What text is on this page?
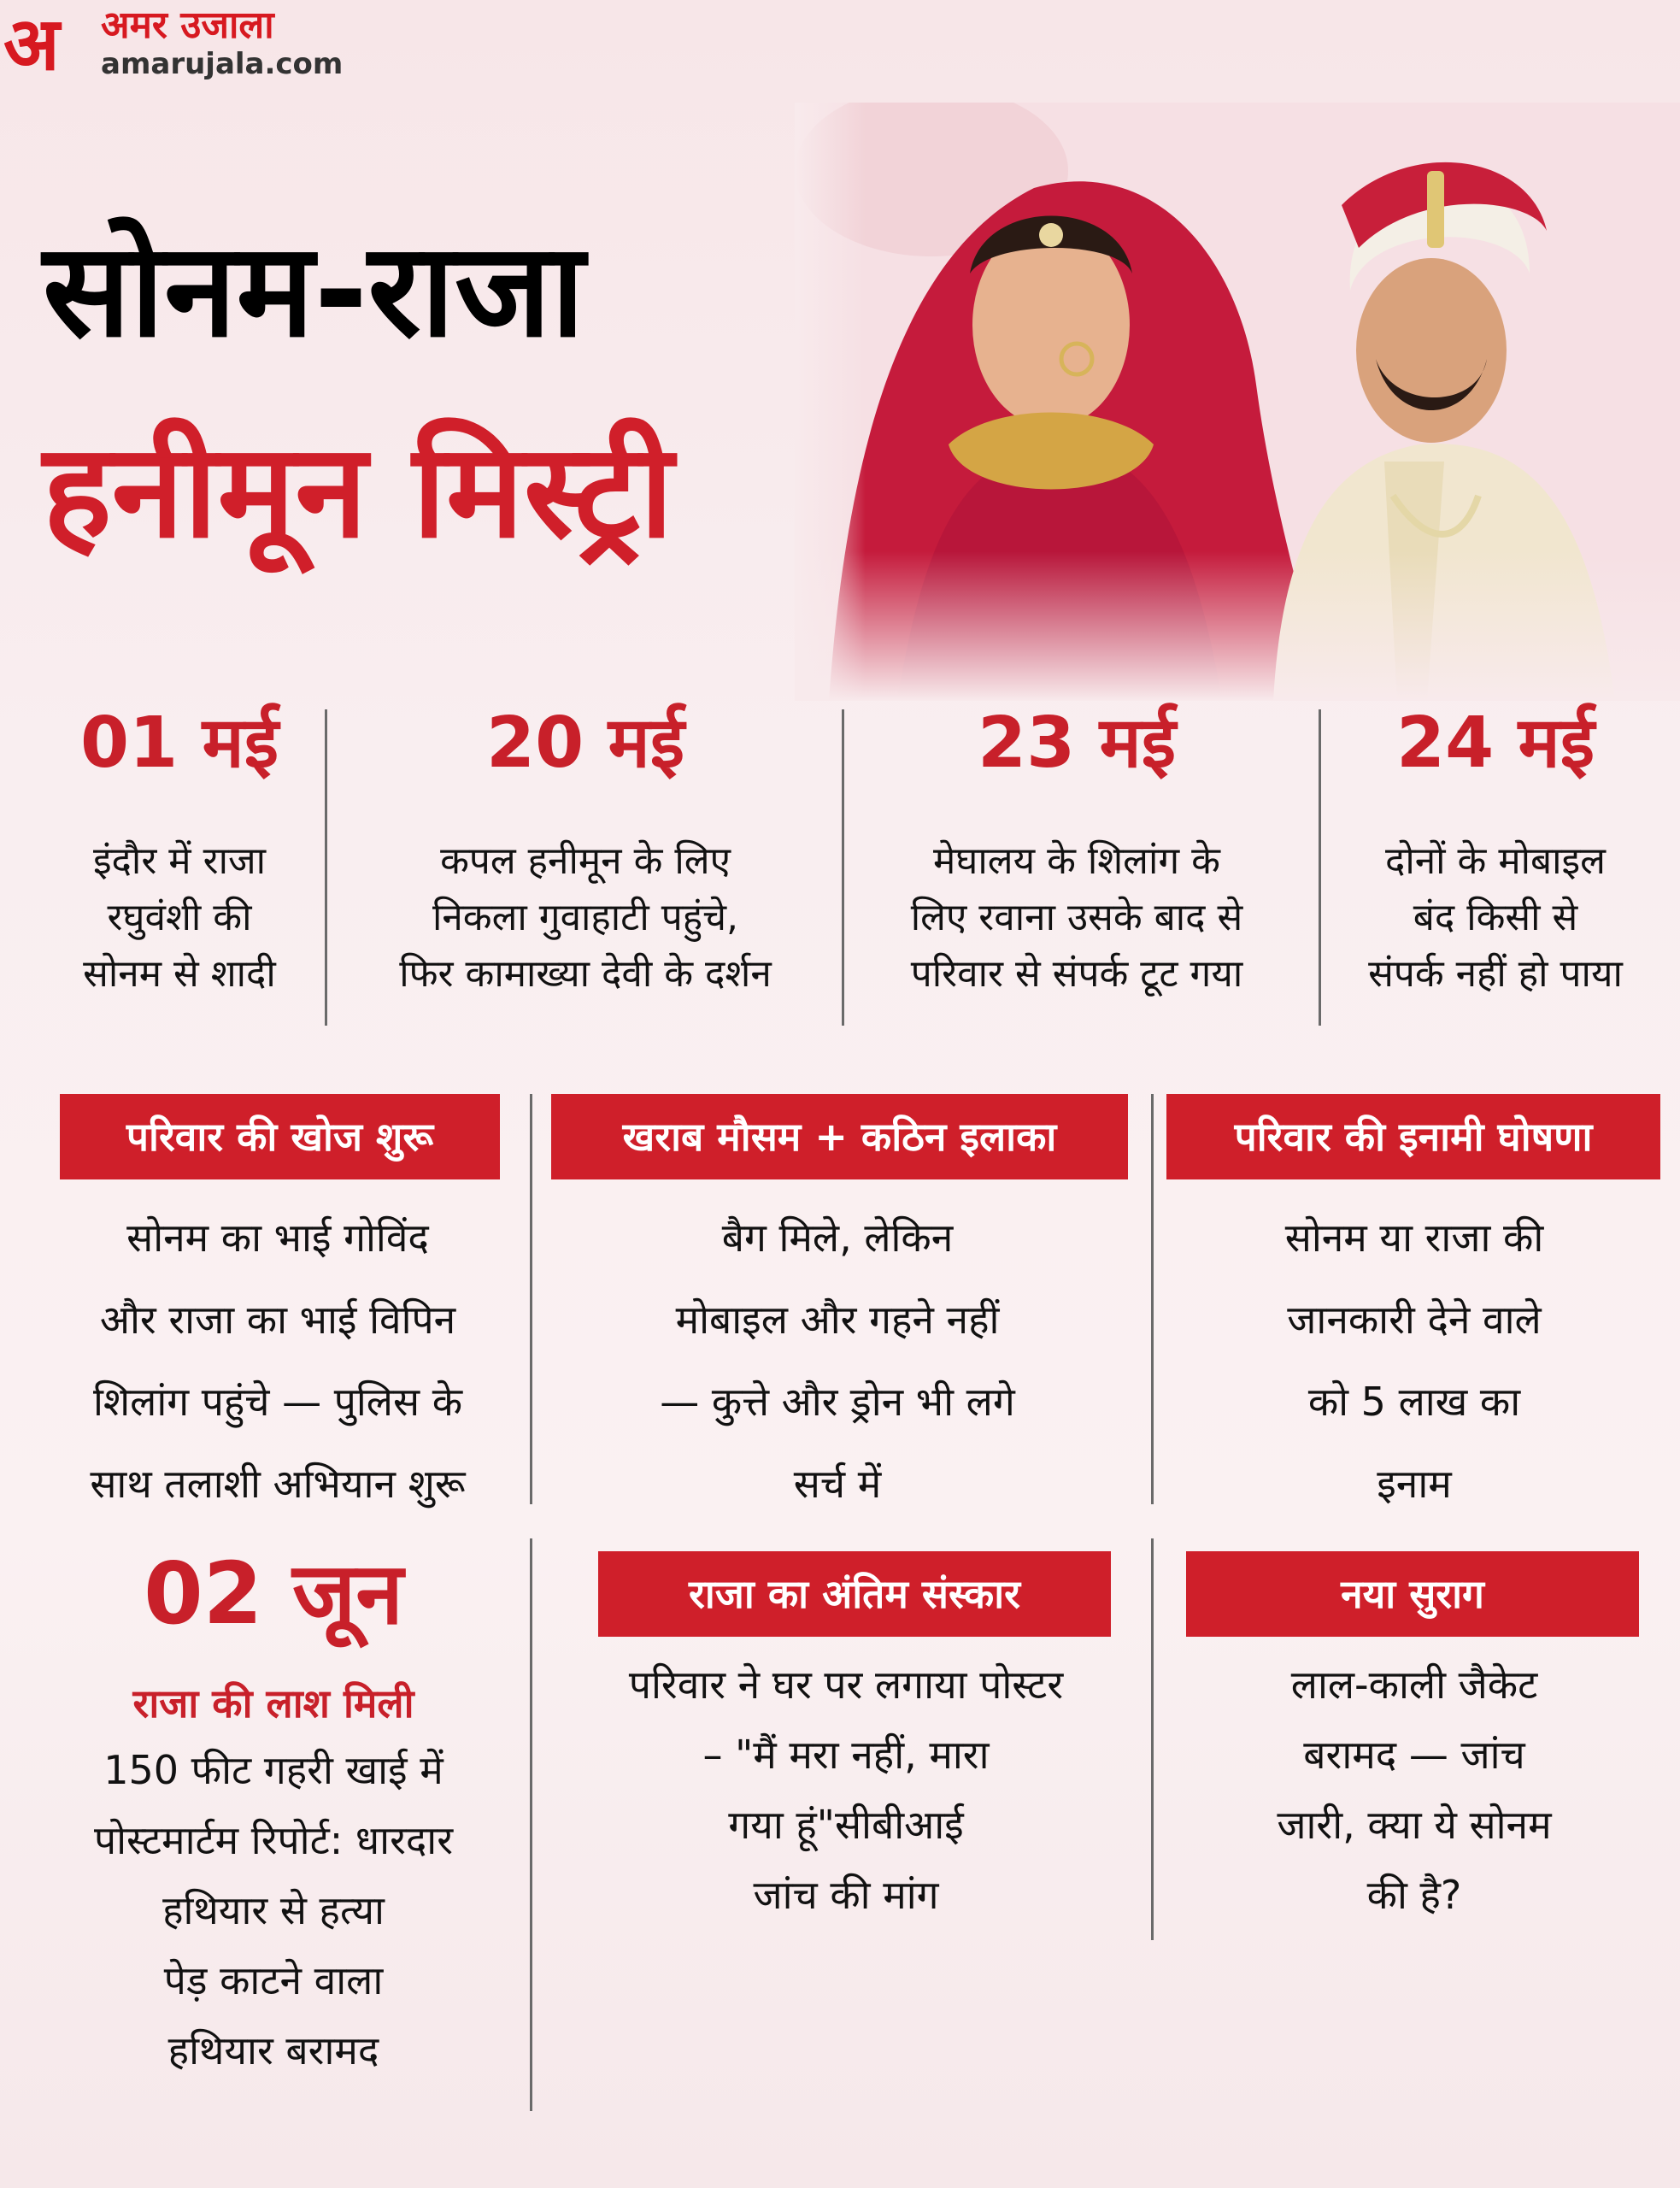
अ अमर उजाला
amarujala.com
सोनम-राजा
हनीमून मिस्ट्री
01 मई
इंदौर में राजा
रघुवंशी की
सोनम से शादी
20 मई
कपल हनीमून के लिए
निकला गुवाहाटी पहुंचे,
फिर कामाख्या देवी के दर्शन
23 मई
मेघालय के शिलांग के
लिए रवाना उसके बाद से
परिवार से संपर्क टूट गया
24 मई
दोनों के मोबाइल
बंद किसी से
संपर्क नहीं हो पाया
परिवार की खोज शुरू
सोनम का भाई गोविंद
और राजा का भाई विपिन
शिलांग पहुंचे — पुलिस के
साथ तलाशी अभियान शुरू
खराब मौसम + कठिन इलाका
बैग मिले, लेकिन
मोबाइल और गहने नहीं
— कुत्ते और ड्रोन भी लगे
सर्च में
परिवार की इनामी घोषणा
सोनम या राजा की
जानकारी देने वाले
को 5 लाख का
इनाम
02 जून
राजा की लाश मिली
150 फीट गहरी खाई में
पोस्टमार्टम रिपोर्ट: धारदार
हथियार से हत्या
पेड़ काटने वाला
हथियार बरामद
राजा का अंतिम संस्कार
परिवार ने घर पर लगाया पोस्टर
– "मैं मरा नहीं, मारा
गया हूं"सीबीआई
जांच की मांग
नया सुराग
लाल-काली जैकेट
बरामद — जांच
जारी, क्या ये सोनम
की है?
